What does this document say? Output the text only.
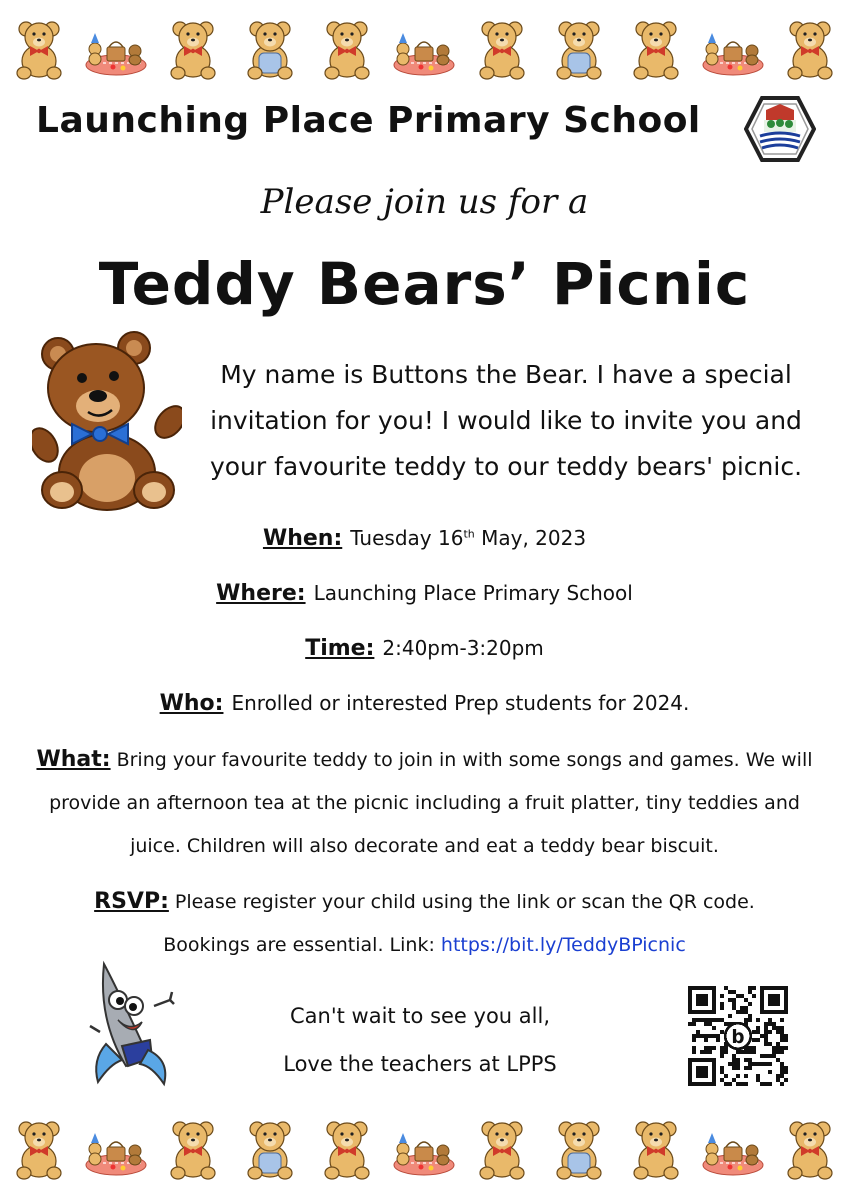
Launching Place Primary School
Please join us for a
Teddy Bears’ Picnic
My name is Buttons the Bear. I have a special invitation for you! I would like to invite you and your favourite teddy to our teddy bears' picnic.
When: Tuesday 16th May, 2023
Where: Launching Place Primary School
Time: 2:40pm-3:20pm
Who: Enrolled or interested Prep students for 2024.
What: Bring your favourite teddy to join in with some songs and games. We will provide an afternoon tea at the picnic including a fruit platter, tiny teddies and juice. Children will also decorate and eat a teddy bear biscuit.
RSVP: Please register your child using the link or scan the QR code.
Bookings are essential. Link: https://bit.ly/TeddyBPicnic
Can't wait to see you all,
Love the teachers at LPPS
b
